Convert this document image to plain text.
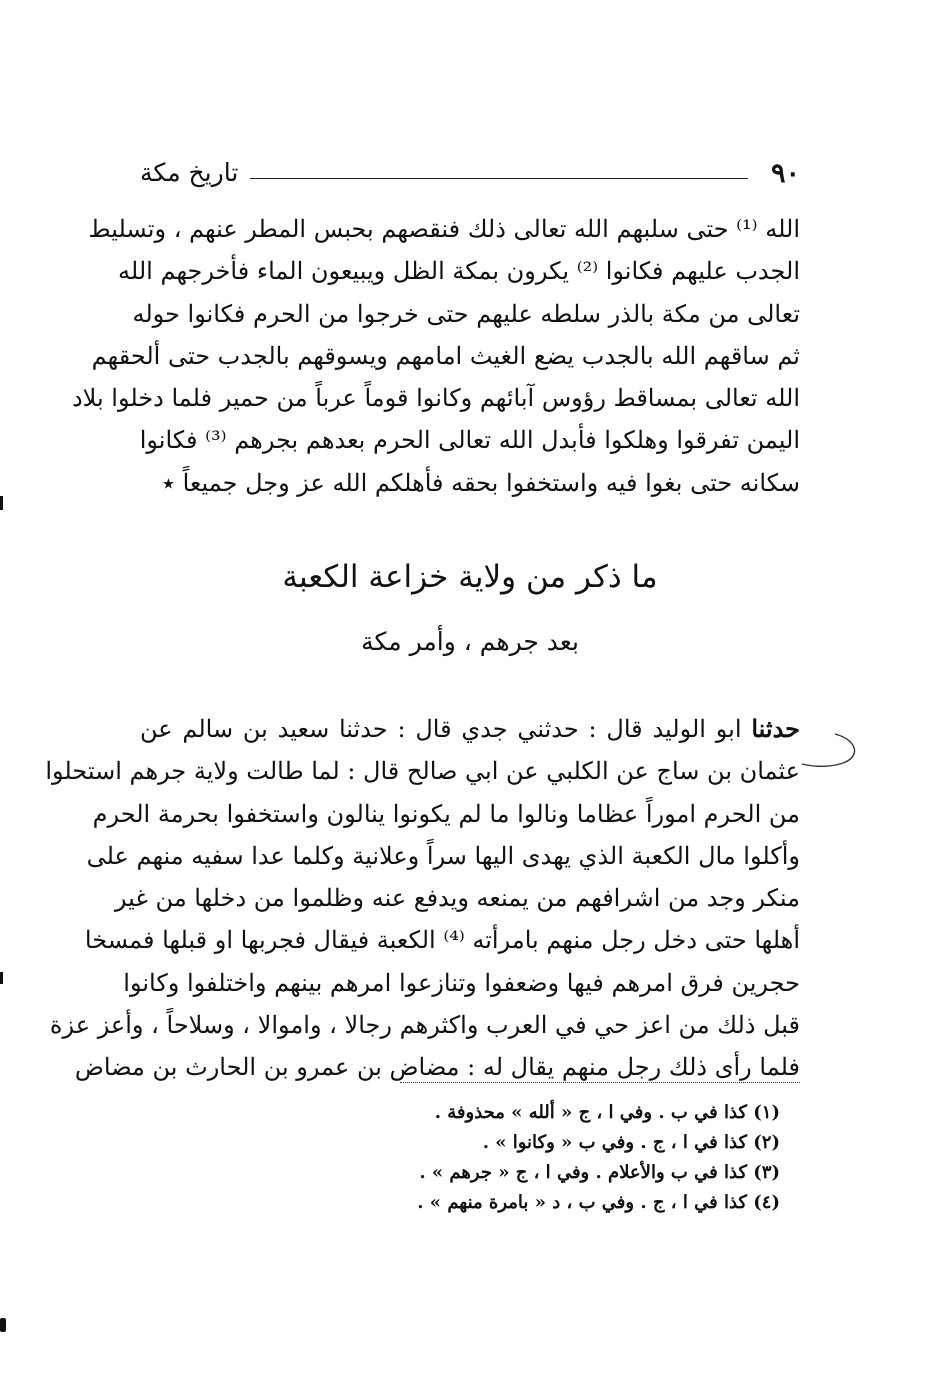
٩٠
تاريخ مكة
الله ⁽¹⁾ حتى سلبهم الله تعالى ذلك فنقصهم بحبس المطر عنهم ، وتسليط
الجدب عليهم فكانوا ⁽²⁾ يكرون بمكة الظل ويبيعون الماء فأخرجهم الله
تعالى من مكة بالذر سلطه عليهم حتى خرجوا من الحرم فكانوا حوله
ثم ساقهم الله بالجدب يضع الغيث امامهم ويسوقهم بالجدب حتى ألحقهم
الله تعالى بمساقط رؤوس آبائهم وكانوا قوماً عرباً من حمير فلما دخلوا بلاد
اليمن تفرقوا وهلكوا فأبدل الله تعالى الحرم بعدهم بجرهم ⁽³⁾ فكانوا
سكانه حتى بغوا فيه واستخفوا بحقه فأهلكم الله عز وجل جميعاً ٭
ما ذكر من ولاية خزاعة الكعبة
بعد جرهم ، وأمر مكة
حدثنا ابو الوليد قال : حدثني جدي قال : حدثنا سعيد بن سالم عن
عثمان بن ساج عن الكلبي عن ابي صالح قال : لما طالت ولاية جرهم استحلوا
من الحرم اموراً عظاما ونالوا ما لم يكونوا ينالون واستخفوا بحرمة الحرم
وأكلوا مال الكعبة الذي يهدى اليها سراً وعلانية وكلما عدا سفيه منهم على
منكر وجد من اشرافهم من يمنعه ويدفع عنه وظلموا من دخلها من غير
أهلها حتى دخل رجل منهم بامرأته ⁽⁴⁾ الكعبة فيقال فجربها او قبلها فمسخا
حجرين فرق امرهم فيها وضعفوا وتنازعوا امرهم بينهم واختلفوا وكانوا
قبل ذلك من اعز حي في العرب واكثرهم رجالا ، واموالا ، وسلاحاً ، وأعز عزة
فلما رأى ذلك رجل منهم يقال له : مضاض بن عمرو بن الحارث بن مضاض
(١) كذا في ب . وفي ا ، ج « ألله » محذوفة .
(٢) كذا في ا ، ج . وفي ب « وكانوا » .
(٣) كذا في ب والأعلام . وفي ا ، ج « جرهم » .
(٤) كذا في ا ، ج . وفي ب ، د « بامرة منهم » .
